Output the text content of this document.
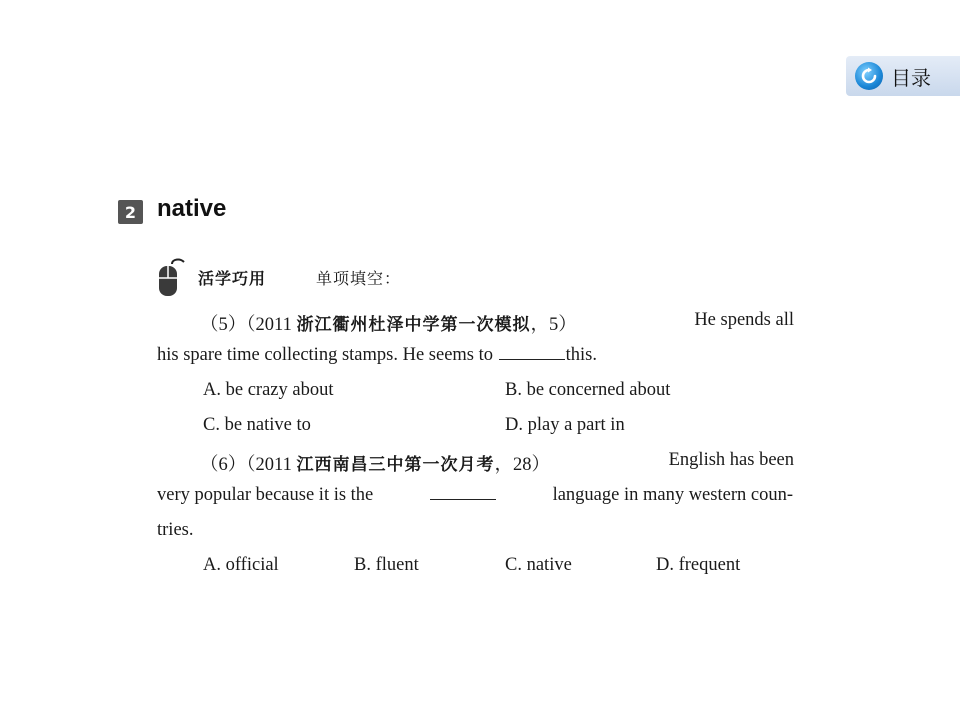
目录
2 native
活学巧用	单项填空：
（5）（2011 浙江衢州杜泽中学第一次模拟，5）	He spends all
his spare time collecting stamps. He seems to	this.
A. be crazy about	B. be concerned about
C. be native to	D. play a part in
（6）（2011 江西南昌三中第一次月考，28）	English has been
very popular because it is the	language in many western coun-
tries.
A. official	B. fluent	C. native	D. frequent
